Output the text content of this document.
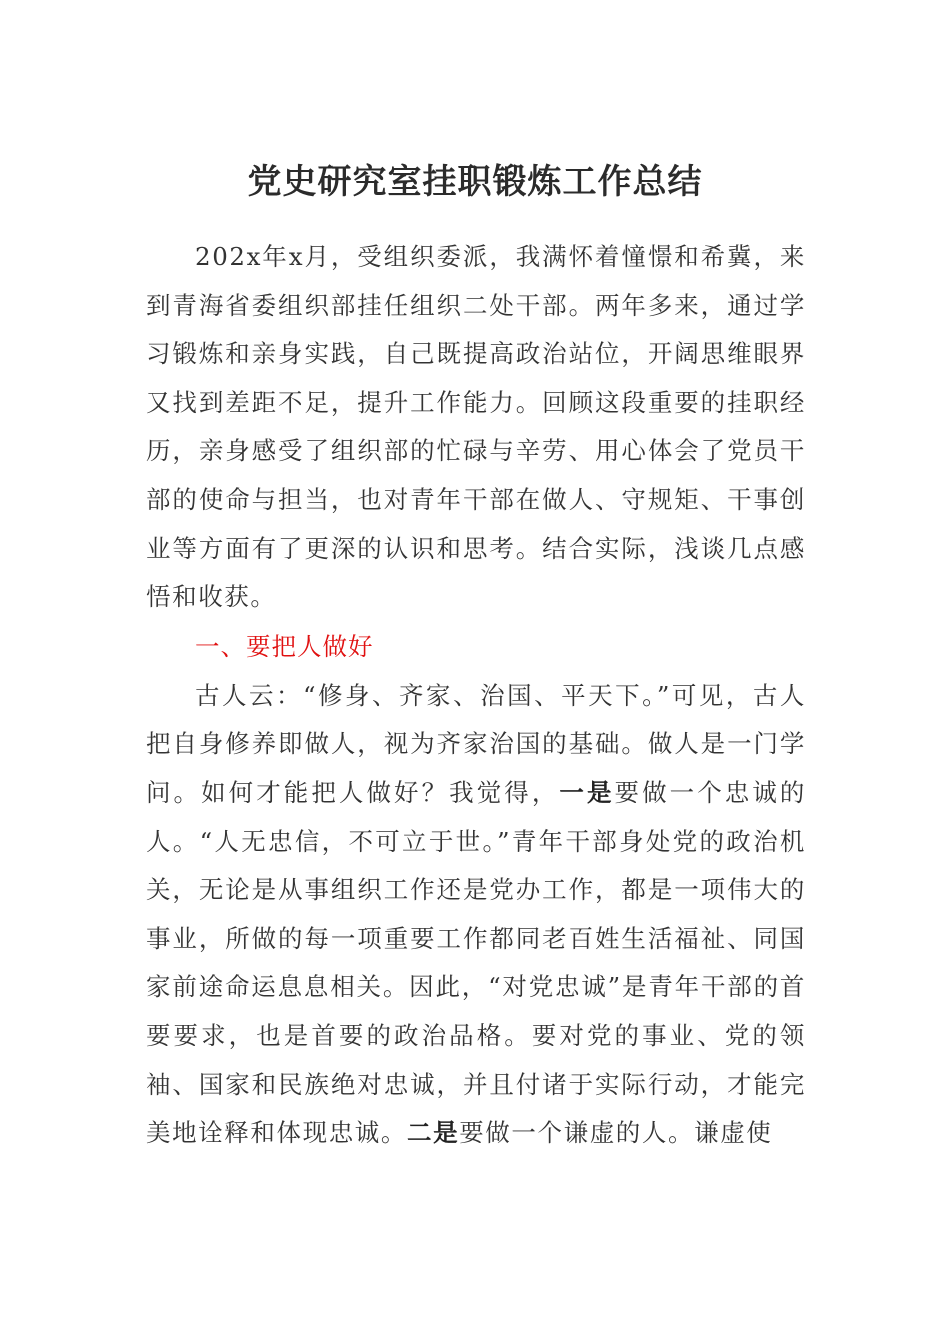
党史研究室挂职锻炼工作总结

202x年x月，受组织委派，我满怀着憧憬和希冀，来到青海省委组织部挂任组织二处干部。两年多来，通过学习锻炼和亲身实践，自己既提高政治站位，开阔思维眼界又找到差距不足，提升工作能力。回顾这段重要的挂职经历，亲身感受了组织部的忙碌与辛劳、用心体会了党员干部的使命与担当，也对青年干部在做人、守规矩、干事创业等方面有了更深的认识和思考。结合实际，浅谈几点感悟和收获。

一、要把人做好

古人云：“修身、齐家、治国、平天下。”可见，古人把自身修养即做人，视为齐家治国的基础。做人是一门学问。如何才能把人做好？我觉得，一是要做一个忠诚的人。“人无忠信，不可立于世。”青年干部身处党的政治机关，无论是从事组织工作还是党办工作，都是一项伟大的事业，所做的每一项重要工作都同老百姓生活福祉、同国家前途命运息息相关。因此，“对党忠诚”是青年干部的首要要求，也是首要的政治品格。要对党的事业、党的领袖、国家和民族绝对忠诚，并且付诸于实际行动，才能完美地诠释和体现忠诚。二是要做一个谦虚的人。谦虚使
